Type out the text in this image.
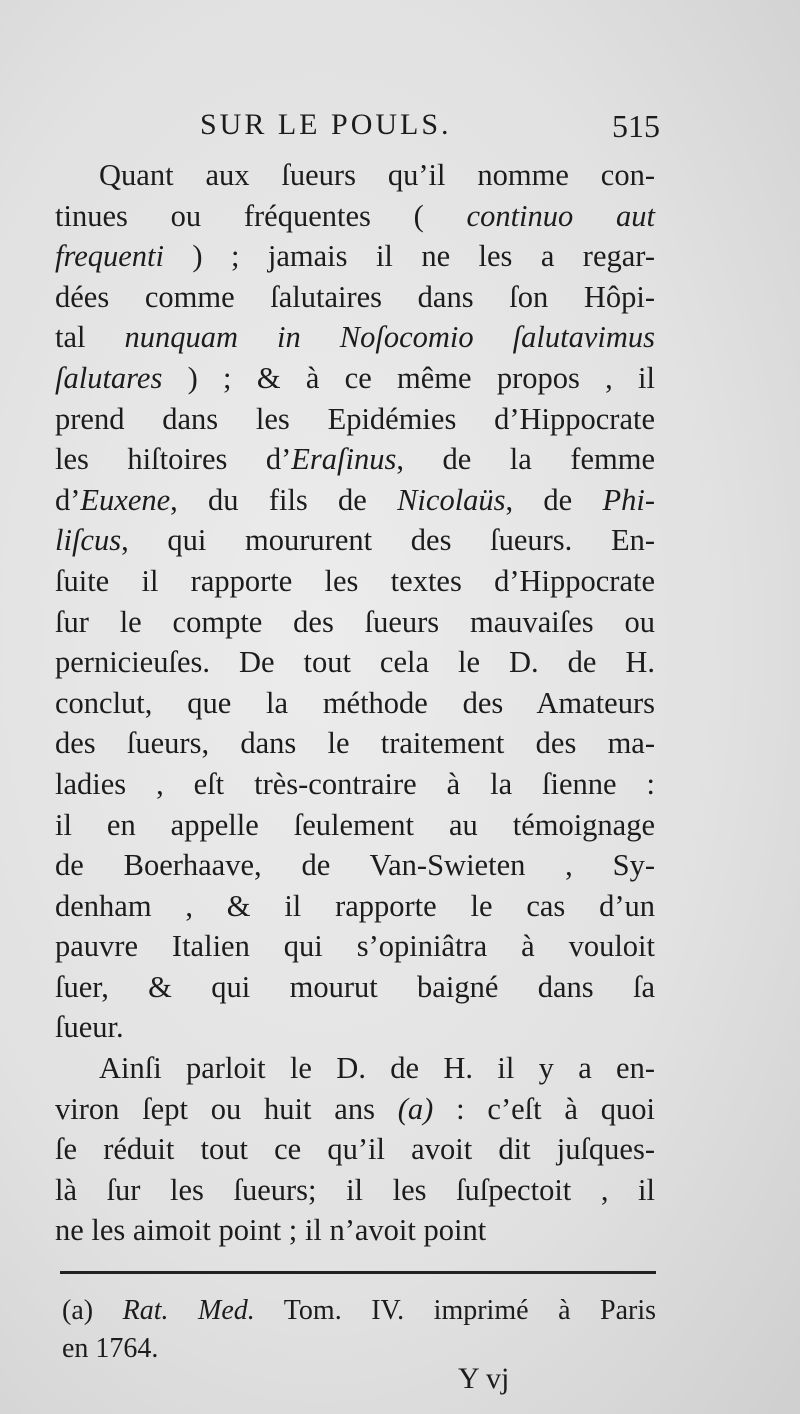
SUR LE POULS.	515
Quant aux ſueurs qu’il nomme con-
tinues ou fréquentes ( continuo aut
frequenti ) ; jamais il ne les a regar-
dées comme ſalutaires dans ſon Hôpi-
tal nunquam in Noſocomio ſalutavimus
ſalutares ) ; & à ce même propos , il
prend dans les Epidémies d’Hippocrate
les hiſtoires d’Eraſinus, de la femme
d’Euxene, du fils de Nicolaüs, de Phi-
liſcus, qui moururent des ſueurs. En-
ſuite il rapporte les textes d’Hippocrate
ſur le compte des ſueurs mauvaiſes ou
pernicieuſes. De tout cela le D. de H.
conclut, que la méthode des Amateurs
des ſueurs, dans le traitement des ma-
ladies , eſt très-contraire à la ſienne :
il en appelle ſeulement au témoignage
de Boerhaave, de Van-Swieten , Sy-
denham , & il rapporte le cas d’un
pauvre Italien qui s’opiniâtra à vouloit
ſuer, & qui mourut baigné dans ſa
ſueur.
Ainſi parloit le D. de H. il y a en-
viron ſept ou huit ans (a) : c’eſt à quoi
ſe réduit tout ce qu’il avoit dit juſques-
là ſur les ſueurs; il les ſuſpectoit , il
ne les aimoit point ; il n’avoit point
(a) Rat. Med. Tom. IV. imprimé à Paris
en 1764.
Y vj
